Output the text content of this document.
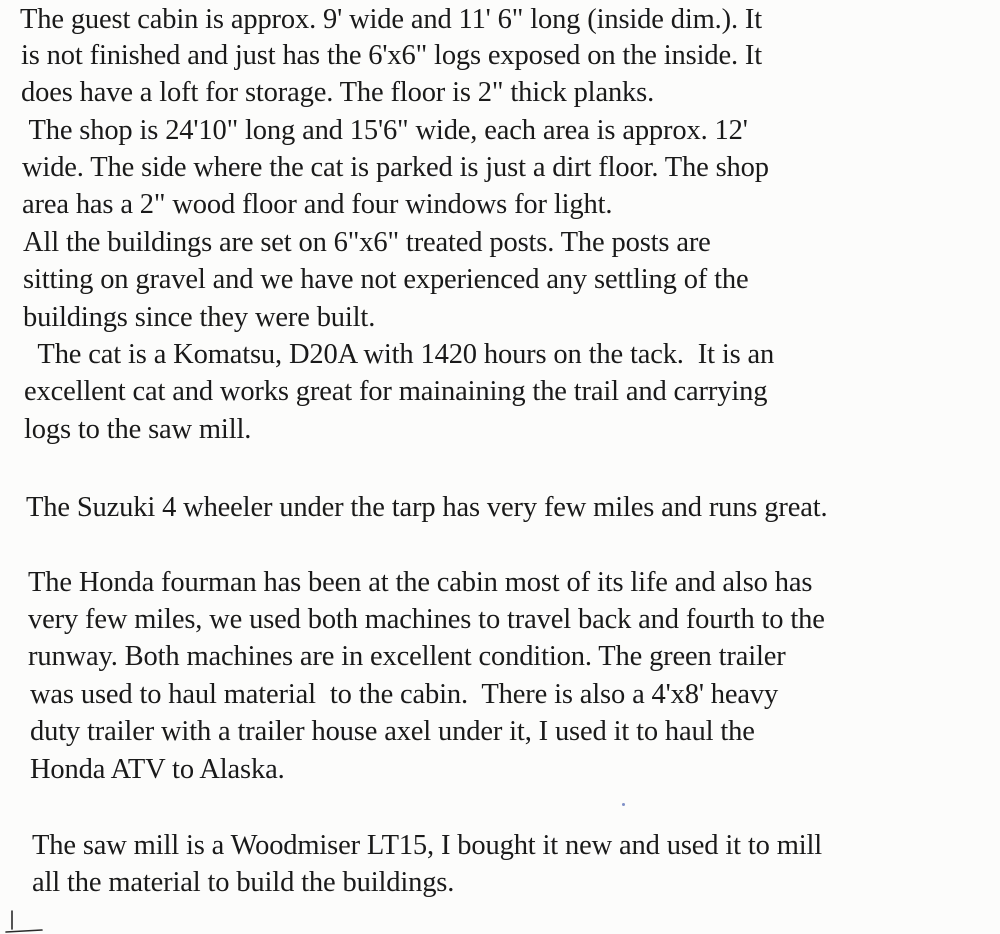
The guest cabin is approx. 9' wide and 11' 6" long (inside dim.). It
is not finished and just has the 6'x6" logs exposed on the inside. It
does have a loft for storage. The floor is 2" thick planks.
The shop is 24'10" long and 15'6" wide, each area is approx. 12'
wide. The side where the cat is parked is just a dirt floor. The shop
area has a 2" wood floor and four windows for light.
All the buildings are set on 6"x6" treated posts. The posts are
sitting on gravel and we have not experienced any settling of the
buildings since they were built.
The cat is a Komatsu, D20A with 1420 hours on the tack.  It is an
excellent cat and works great for mainaining the trail and carrying
logs to the saw mill.
The Suzuki 4 wheeler under the tarp has very few miles and runs great.
The Honda fourman has been at the cabin most of its life and also has
very few miles, we used both machines to travel back and fourth to the
runway. Both machines are in excellent condition. The green trailer
was used to haul material  to the cabin.  There is also a 4'x8' heavy
duty trailer with a trailer house axel under it, I used it to haul the
Honda ATV to Alaska.
The saw mill is a Woodmiser LT15, I bought it new and used it to mill
all the material to build the buildings.
